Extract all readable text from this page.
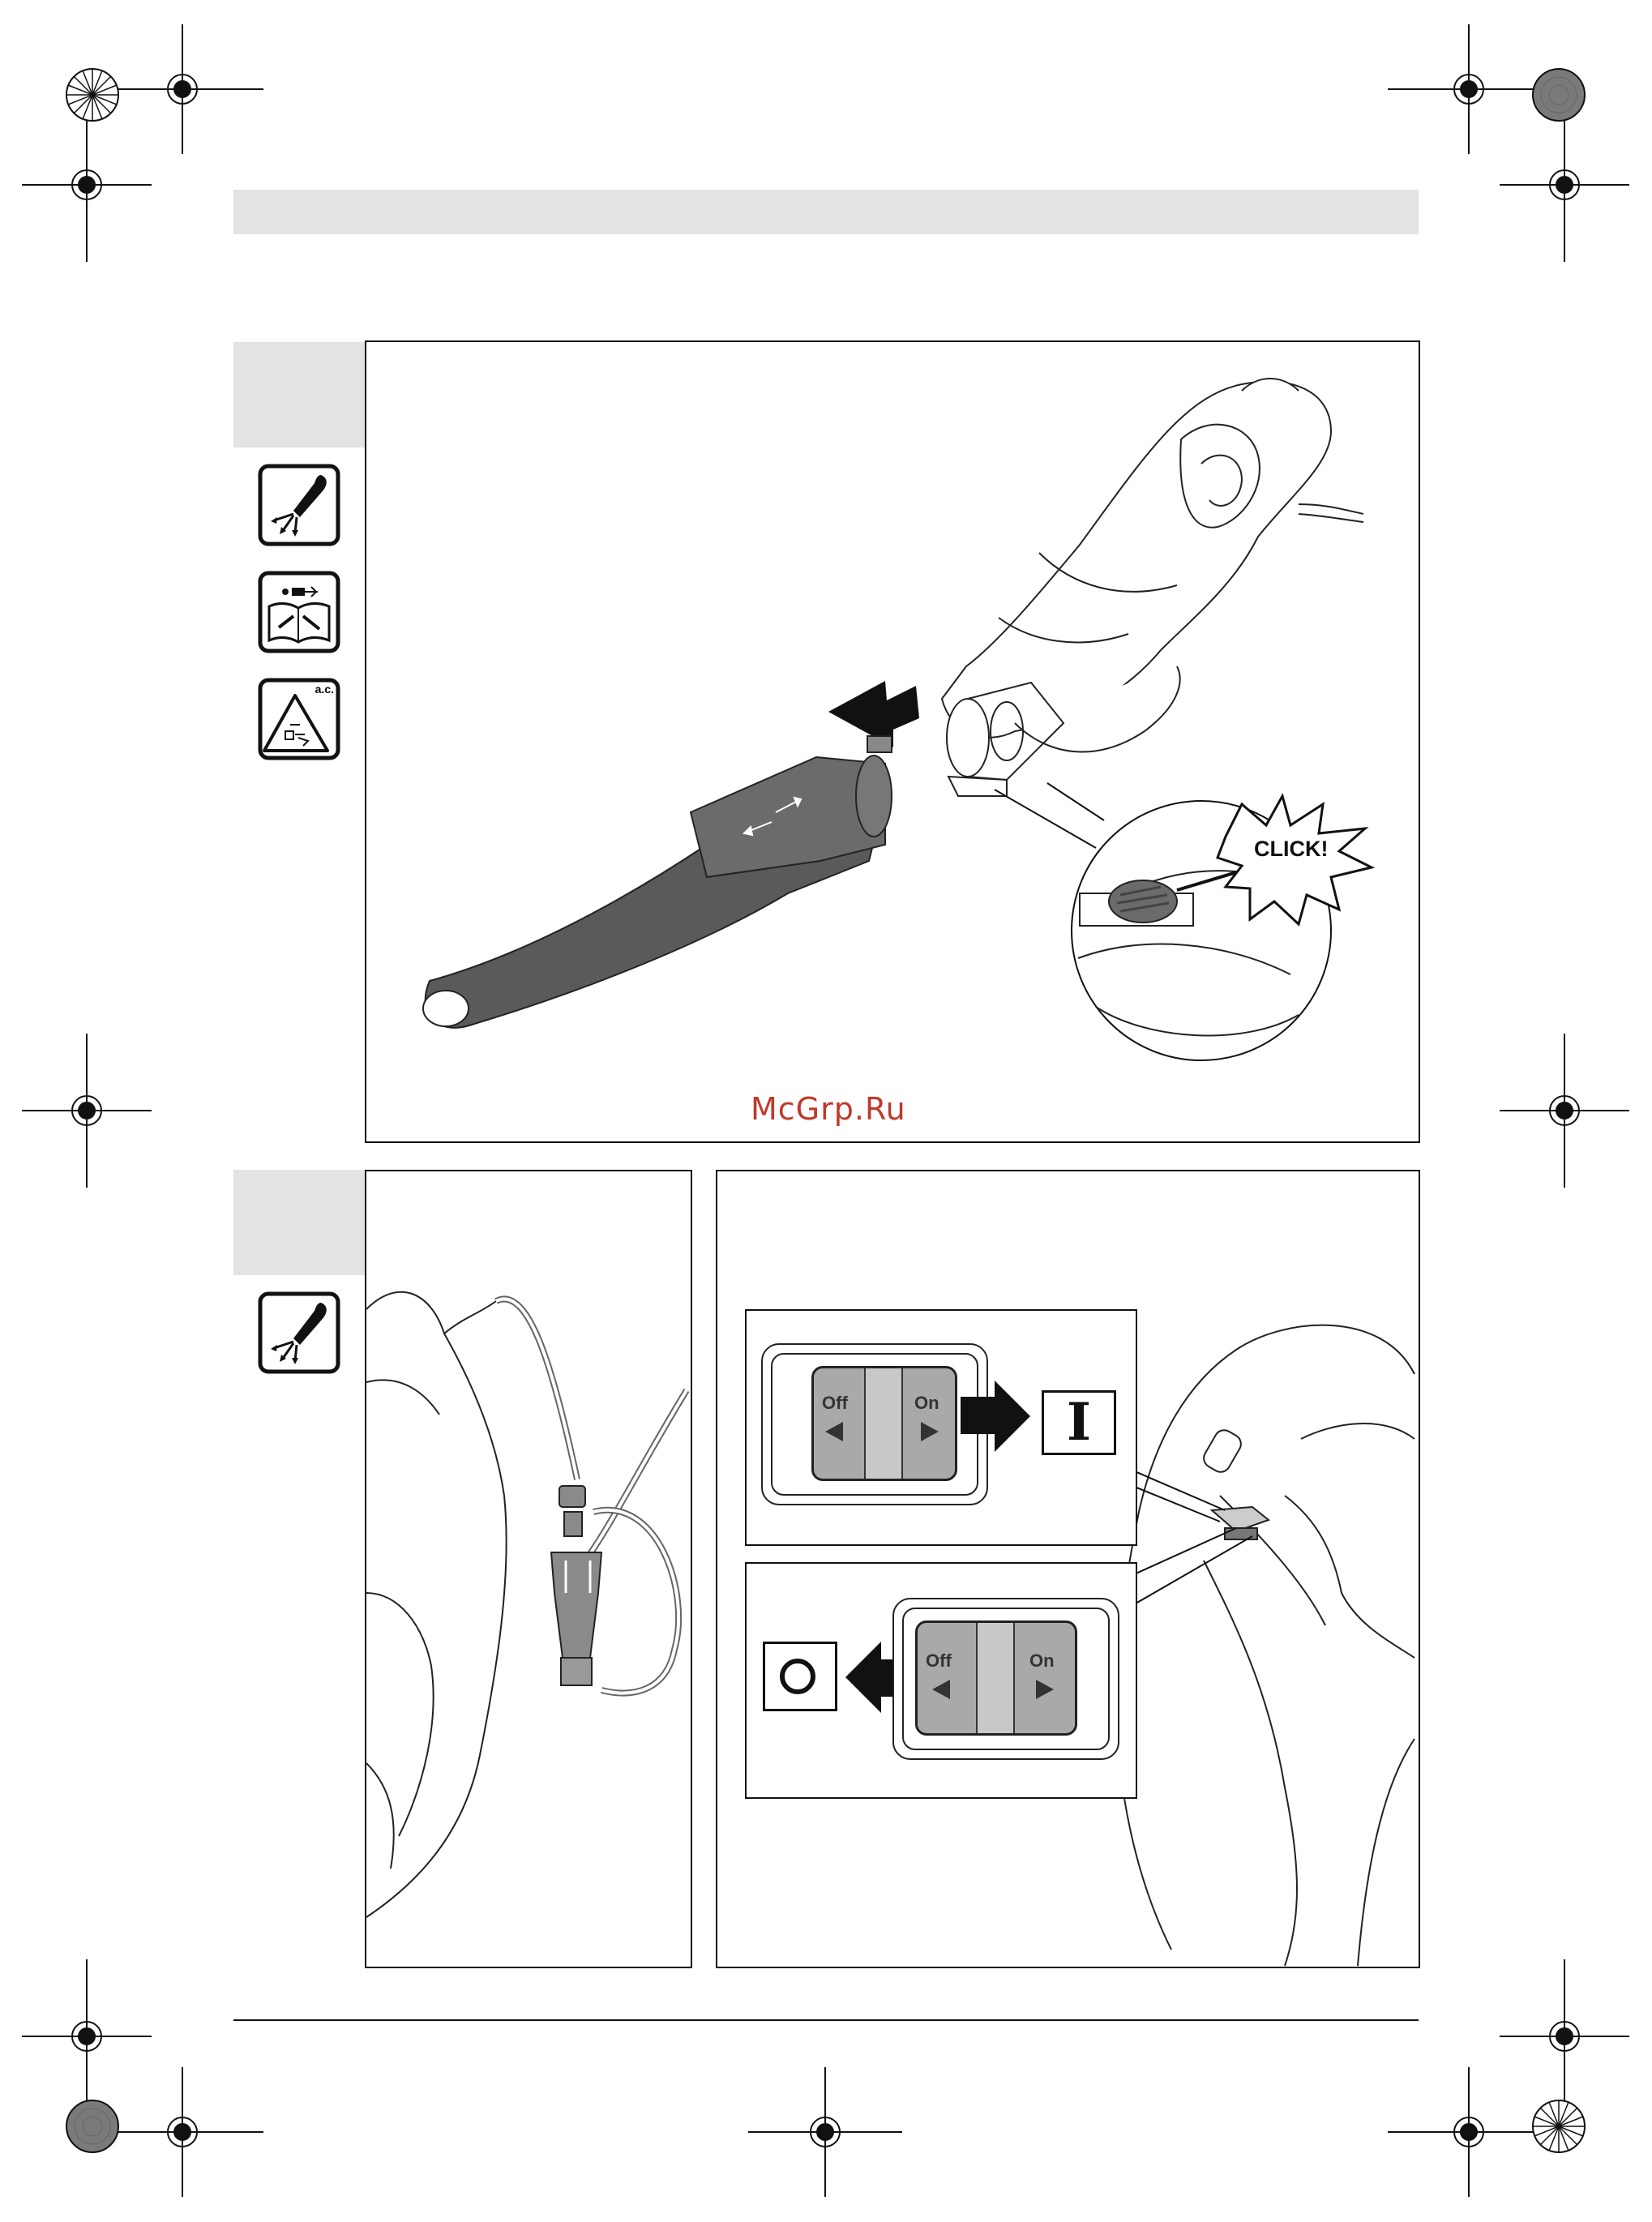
a.c.
CLICK!
McGrp.Ru
Off	On	I
Off	On
